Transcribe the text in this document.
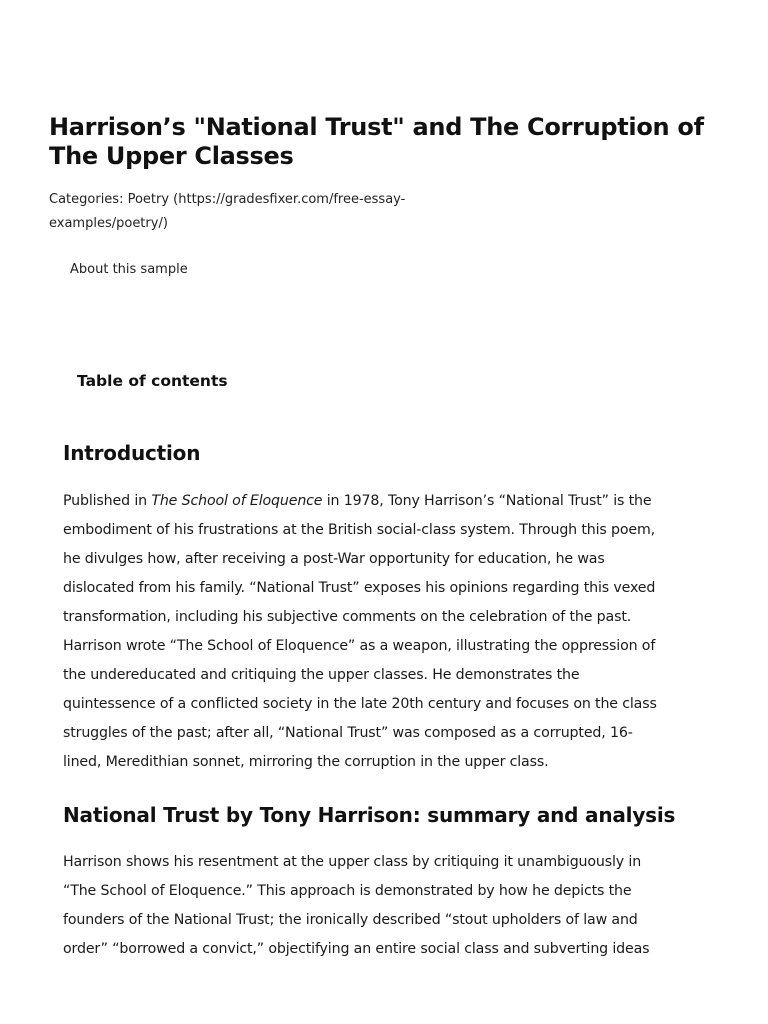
Harrison’s "National Trust" and The Corruption of The Upper Classes
Categories: Poetry (https://gradesfixer.com/free-essay-
examples/poetry/)
About this sample
Table of contents
Introduction

Published in The School of Eloquence in 1978, Tony Harrison’s “National Trust” is the
embodiment of his frustrations at the British social-class system. Through this poem,
he divulges how, after receiving a post-War opportunity for education, he was
dislocated from his family. “National Trust” exposes his opinions regarding this vexed
transformation, including his subjective comments on the celebration of the past.
Harrison wrote “The School of Eloquence” as a weapon, illustrating the oppression of
the undereducated and critiquing the upper classes. He demonstrates the
quintessence of a conflicted society in the late 20th century and focuses on the class
struggles of the past; after all, “National Trust” was composed as a corrupted, 16-
lined, Meredithian sonnet, mirroring the corruption in the upper class.

National Trust by Tony Harrison: summary and analysis

Harrison shows his resentment at the upper class by critiquing it unambiguously in
“The School of Eloquence.” This approach is demonstrated by how he depicts the
founders of the National Trust; the ironically described “stout upholders of law and
order” “borrowed a convict,” objectifying an entire social class and subverting ideas
